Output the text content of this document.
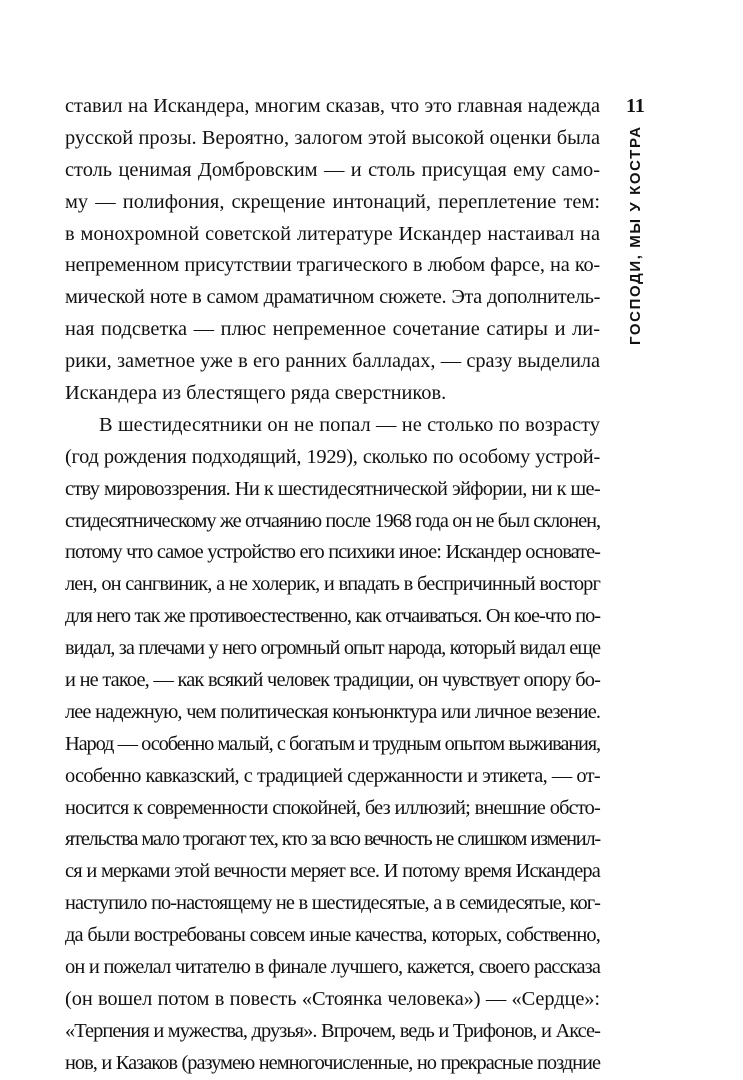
11
ГОСПОДИ, МЫ У КОСТРА
ставил на Искандера, многим сказав, что это главная надежда
русской прозы. Вероятно, залогом этой высокой оценки была
столь ценимая Домбровским — и столь присущая ему само-
му — полифония, скрещение интонаций, переплетение тем:
в монохромной советской литературе Искандер настаивал на
непременном присутствии трагического в любом фарсе, на ко-
мической ноте в самом драматичном сюжете. Эта дополнитель-
ная подсветка — плюс непременное сочетание сатиры и ли-
рики, заметное уже в его ранних балладах, — сразу выделила
Искандера из блестящего ряда сверстников.
В шестидесятники он не попал — не столько по возрасту
(год рождения подходящий, 1929), сколько по особому устрой-
ству мировоззрения. Ни к шестидесятнической эйфории, ни к ше-
стидесятническому же отчаянию после 1968 года он не был склонен,
потому что самое устройство его психики иное: Искандер основате-
лен, он сангвиник, а не холерик, и впадать в беспричинный восторг
для него так же противоестественно, как отчаиваться. Он кое-что по-
видал, за плечами у него огромный опыт народа, который видал еще
и не такое, — как всякий человек традиции, он чувствует опору бо-
лее надежную, чем политическая конъюнктура или личное везение.
Народ — особенно малый, с богатым и трудным опытом выживания,
особенно кавказский, с традицией сдержанности и этикета, — от-
носится к современности спокойней, без иллюзий; внешние обсто-
ятельства мало трогают тех, кто за всю вечность не слишком изменил-
ся и мерками этой вечности меряет все. И потому время Искандера
наступило по-настоящему не в шестидесятые, а в семидесятые, ког-
да были востребованы совсем иные качества, которых, собственно,
он и пожелал читателю в финале лучшего, кажется, своего рассказа
(он вошел потом в повесть «Стоянка человека») — «Сердце»:
«Терпения и мужества, друзья». Впрочем, ведь и Трифонов, и Аксе-
нов, и Казаков (разумею немногочисленные, но прекрасные поздние
